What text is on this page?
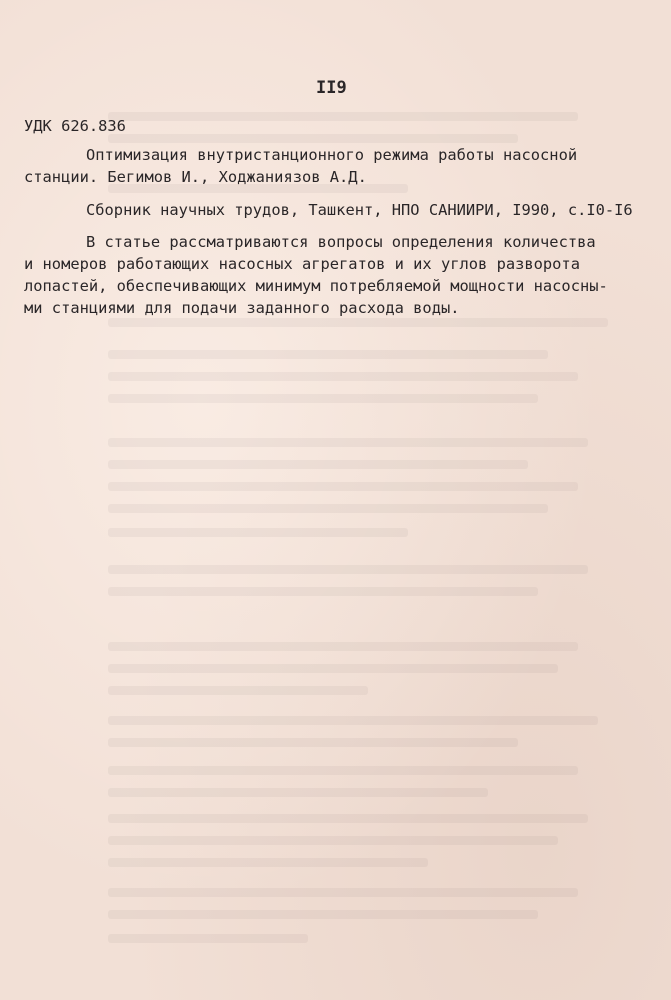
II9
УДК 626.836
Оптимизация внутристанционного режима работы насосной
станции. Бегимов И., Ходжаниязов А.Д.
Сборник научных трудов, Ташкент, НПО САНИИРИ, I990, с.I0-I6
В статье рассматриваются вопросы определения количества
и номеров работающих насосных агрегатов и их углов разворота
лопастей, обеспечивающих минимум потребляемой мощности насосны-
ми станциями для подачи заданного расхода воды.
